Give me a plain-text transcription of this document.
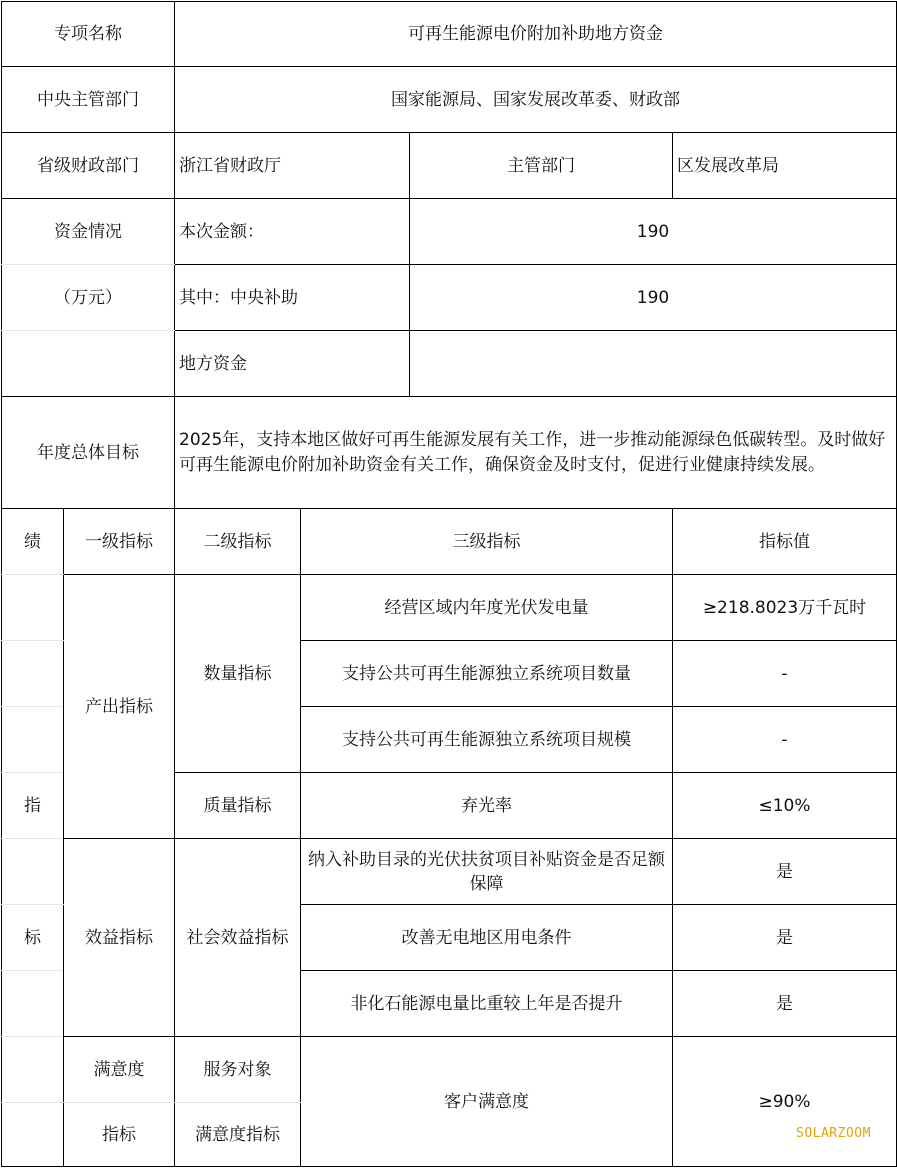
专项名称		可再生能源电价附加补助地方资金			
中央主管部门		国家能源局、国家发展改革委、财政部			
省级财政部门		浙江省财政厅		主管部门	区发展改革局
资金情况		本次金额：		190	
（万元）		其中：中央补助		190	
		地方资金			
年度总体目标		2025年，支持本地区做好可再生能源发展有关工作，进一步推动能源绿色低碳转型。及时做好可再生能源电价附加补助资金有关工作，确保资金及时支付，促进行业健康持续发展。			
绩	一级指标	二级指标	三级指标		指标值
	产出指标	数量指标	经营区域内年度光伏发电量		≥218.8023万千瓦时
			支持公共可再生能源独立系统项目数量		-
			支持公共可再生能源独立系统项目规模		-
指		质量指标	弃光率		≤10%
	效益指标	社会效益指标	纳入补助目录的光伏扶贫项目补贴资金是否足额保障		是
标			改善无电地区用电条件		是
			非化石能源电量比重较上年是否提升		是
	满意度	服务对象	客户满意度		≥90%
	指标	满意度指标				SOLARZOOM
